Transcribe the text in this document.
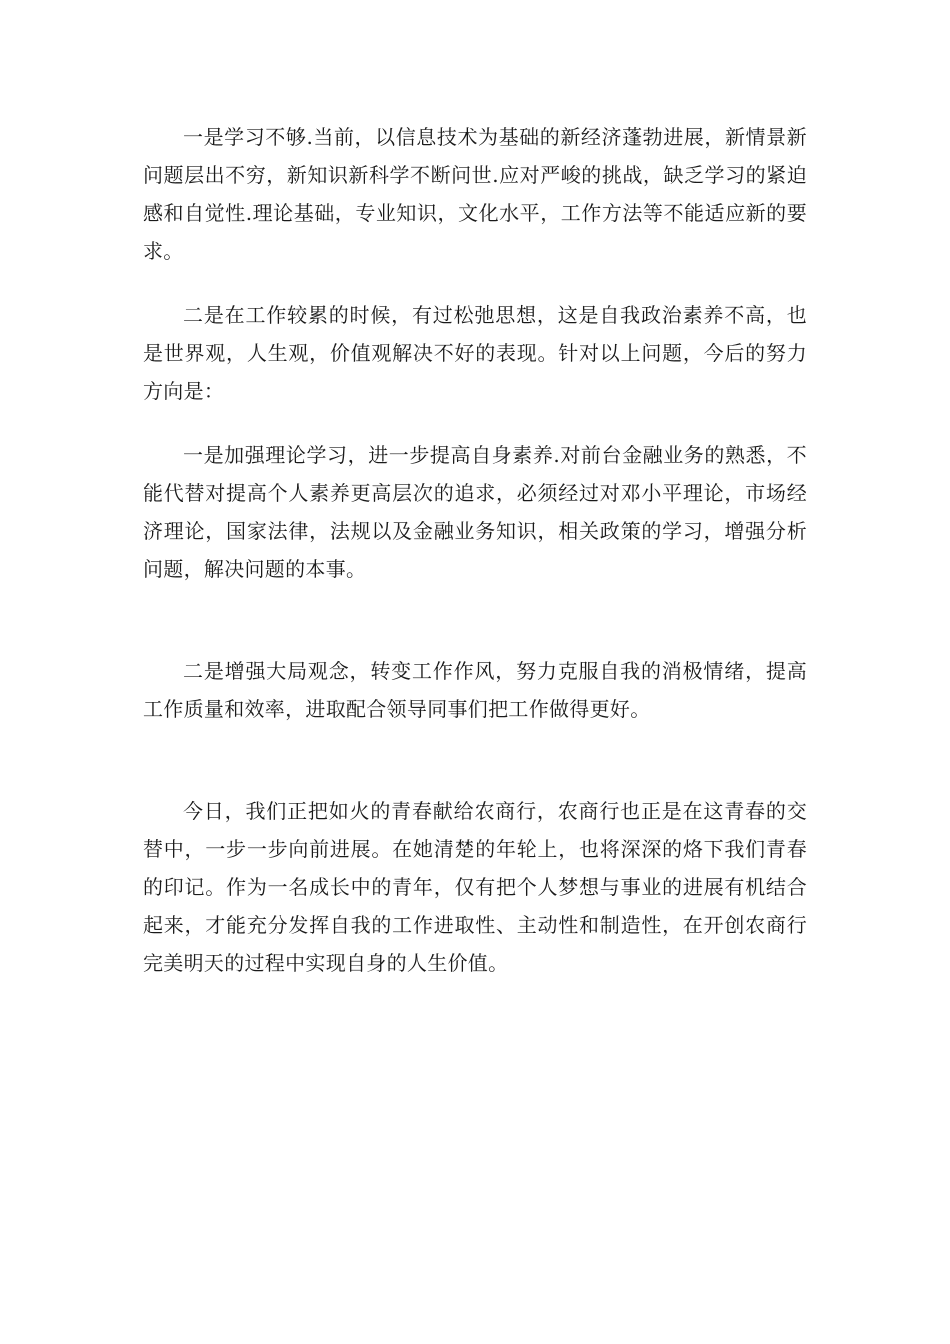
一是学习不够.当前，以信息技术为基础的新经济蓬勃进展，新情景新问题层出不穷，新知识新科学不断问世.应对严峻的挑战，缺乏学习的紧迫感和自觉性.理论基础，专业知识，文化水平，工作方法等不能适应新的要求。

二是在工作较累的时候，有过松弛思想，这是自我政治素养不高，也是世界观，人生观，价值观解决不好的表现。针对以上问题，今后的努力方向是：

一是加强理论学习，进一步提高自身素养.对前台金融业务的熟悉，不能代替对提高个人素养更高层次的追求，必须经过对邓小平理论，市场经济理论，国家法律，法规以及金融业务知识，相关政策的学习，增强分析问题，解决问题的本事。

二是增强大局观念，转变工作作风，努力克服自我的消极情绪，提高工作质量和效率，进取配合领导同事们把工作做得更好。

今日，我们正把如火的青春献给农商行，农商行也正是在这青春的交替中，一步一步向前进展。在她清楚的年轮上，也将深深的烙下我们青春的印记。作为一名成长中的青年，仅有把个人梦想与事业的进展有机结合起来，才能充分发挥自我的工作进取性、主动性和制造性，在开创农商行完美明天的过程中实现自身的人生价值。
